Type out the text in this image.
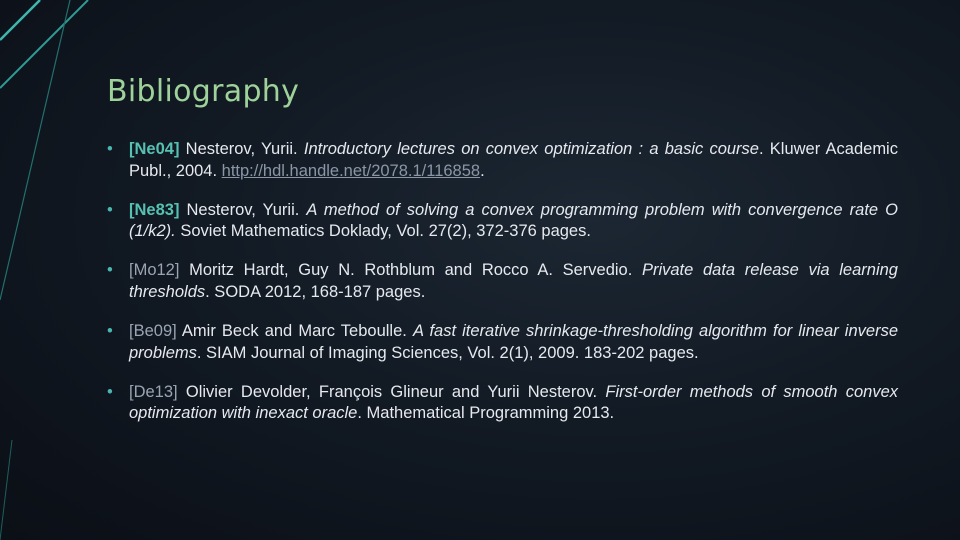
Bibliography
• [Ne04] Nesterov, Yurii. Introductory lectures on convex optimization : a basic course. Kluwer Academic Publ., 2004. http://hdl.handle.net/2078.1/116858.
• [Ne83] Nesterov, Yurii. A method of solving a convex programming problem with convergence rate O (1/k2). Soviet Mathematics Doklady, Vol. 27(2), 372-376 pages.
• [Mo12] Moritz Hardt, Guy N. Rothblum and Rocco A. Servedio. Private data release via learning thresholds. SODA 2012, 168-187 pages.
• [Be09] Amir Beck and Marc Teboulle. A fast iterative shrinkage-thresholding algorithm for linear inverse problems. SIAM Journal of Imaging Sciences, Vol. 2(1), 2009. 183-202 pages.
• [De13] Olivier Devolder, François Glineur and Yurii Nesterov. First-order methods of smooth convex optimization with inexact oracle. Mathematical Programming 2013.
